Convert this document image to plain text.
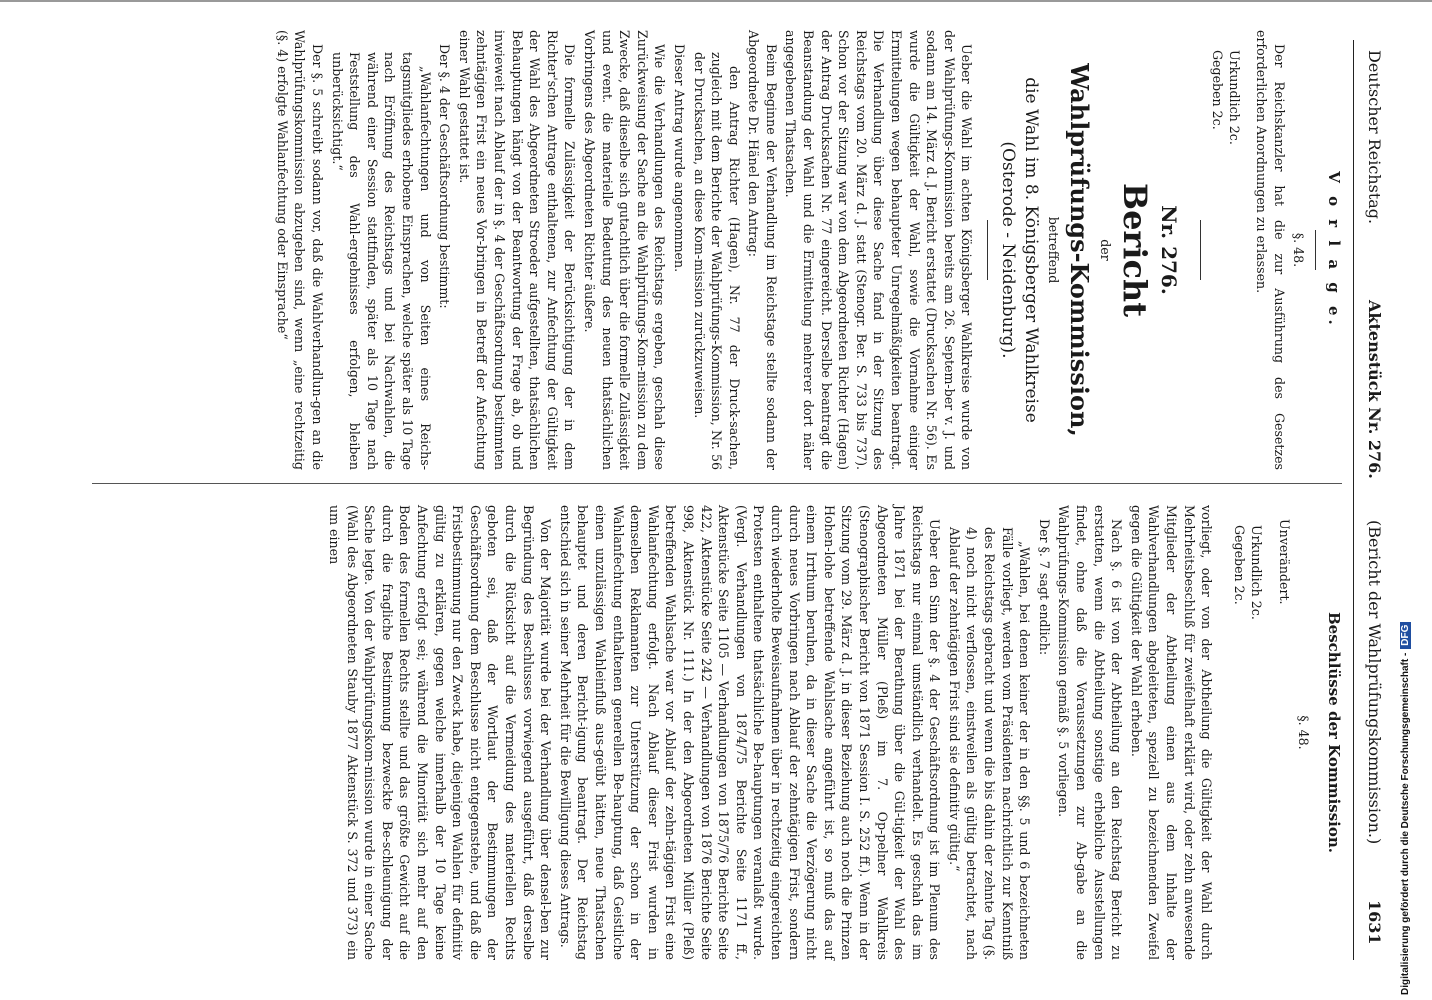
Deutscher Reichstag.
Aktenstück Nr. 276.
(Bericht der Wahlprüfungskommission.)
1631

V o r l a g e.

§. 48.

Der Reichskanzler hat die zur Ausführung des Gesetzes erforderlichen Anordnungen zu erlassen.

Urkundlich 2c.
Gegeben 2c.

Nr. 276.

Bericht

der

Wahlprüfungs-Kommission,

betreffend

die Wahl im 8. Königsberger Wahlkreise (Osterode - Neidenburg).

Ueber die Wahl im achten Königsberger Wahlkreise wurde von der Wahlprüfungs-Kommission bereits am 26. Septem-ber v. J. und sodann am 14. März d. J. Bericht erstattet (Drucksachen Nr. 56). Es wurde die Gültigkeit der Wahl, sowie die Vornahme einiger Ermittelungen wegen behaupteter Unregelmäßigkeiten beantragt. Die Verhandlung über diese Sache fand in der Sitzung des Reichstags vom 20. März d. J. statt (Stenogr. Ber. S. 733 bis 737). Schon vor der Sitzung war von dem Abgeordneten Richter (Hagen) der Antrag Drucksachen Nr. 77 eingereicht. Derselbe beantragt die Beanstandung der Wahl und die Ermittelung mehrerer dort näher angegebenen Thatsachen.

Beim Beginne der Verhandlung im Reichstage stellte sodann der Abgeordnete Dr. Hänel den Antrag:

den Antrag Richter (Hagen), Nr. 77 der Druck-sachen, zugleich mit dem Berichte der Wahlprüfungs-Kommission, Nr. 56 der Drucksachen, an diese Kom-mission zurückzuweisen.

Dieser Antrag wurde angenommen.

Wie die Verhandlungen des Reichstags ergeben, geschah diese Zurückweisung der Sache an die Wahlprüfungs-Kom-mission zu dem Zwecke, daß dieselbe sich gutachtlich über die formelle Zulässigkeit und event. die materielle Bedeutung des neuen thatsächlichen Vorbringens des Abgeordneten Richter äußere.

Die formelle Zulässigkeit der Berücksichtigung der in dem Richter'schen Antrage enthaltenen, zur Anfechtung der Gültigkeit der Wahl des Abgeordneten Stroeder aufgestellten, thatsächlichen Behauptungen hängt von der Beantwortung der Frage ab, ob und inwieweit nach Ablauf der in §. 4 der Geschäftsordnung bestimmten zehntägigen Frist ein neues Vor-bringen in Betreff der Anfechtung einer Wahl gestattet ist.

Der §. 4 der Geschäftsordnung bestimmt:

„Wahlanfechtungen und von Seiten eines Reichs-tagsmitgliedes erhobene Einsprachen, welche später als 10 Tage nach Eröffnung des Reichstags und bei Nachwahlen, die während einer Session stattfinden, später als 10 Tage nach Feststellung des Wahl-ergebnisses erfolgen, bleiben unberücksichtigt.“

Der §. 5 schreibt sodann vor, daß die Wahlverhandlun-gen an die Wahlprüfungskommission abzugeben sind, wenn „eine rechtzeitig (§. 4) erfolgte Wahlanfechtung oder Einsprache“

Beschlüsse der Kommission.

§. 48.

Unverändert.

Urkundlich 2c.
Gegeben 2c.

vorliegt, oder von der Abtheilung die Gültigkeit der Wahl durch Mehrheitsbeschluß für zweifelhaft erklärt wird, oder zehn anwesende Mitglieder der Abtheilung einen aus dem Inhalte der Wahlverhandlungen abgeleiteten, speziell zu bezeichnenden Zweifel gegen die Gültigkeit der Wahl erheben.

Nach §. 6 ist von der Abtheilung an den Reichstag Bericht zu erstatten, wenn die Abtheilung sonstige erhebliche Ausstellungen findet, ohne daß die Voraussetzungen zur Ab-gabe an die Wahlprüfungs-Kommission gemäß §. 5 vorliegen.

Der §. 7 sagt endlich:

„Wahlen, bei denen keiner der in den §§. 5 und 6 bezeichneten Fälle vorliegt, werden vom Präsidenten nachrichtlich zur Kenntniß des Reichstags gebracht und wenn die bis dahin der zehnte Tag (§. 4) noch nicht verflossen, einstweilen als gültig betrachtet, nach Ablauf der zehntägigen Frist sind sie definitiv gültig.“

Ueber den Sinn der §. 4 der Geschäftsordnung ist im Plenum des Reichstags nur einmal umständlich verhandelt. Es geschah das im Jahre 1871 bei der Berathung über die Gül-tigkeit der Wahl des Abgeordneten Müller (Pleß) im 7. Op-pelner Wahlkreis (Stenographischer Bericht von 1871 Session I. S. 252 ff.). Wenn in der Sitzung vom 29. März d. J. in dieser Beziehung auch noch die Prinzen Hohen-lohe betreffende Wahlsache angeführt ist, so muß das auf einem Irrthum beruhen, da in dieser Sache die Verzögerung nicht durch neues Vorbringen nach Ablauf der zehntägigen Frist, sondern durch wiederholte Beweisaufnahmen über in rechtzeitig eingereichten Protesten enthaltene thatsächliche Be-hauptungen veranlaßt wurde. (Vergl. Verhandlungen von 1874/75 Berichte Seite 1171 ff., Aktenstücke Seite 1105 — Verhandlungen von 1875/76 Berichte Seite 422, Aktenstücke Seite 242 — Verhandlungen von 1876 Berichte Seite 998, Aktenstück Nr. 111.) In der den Abgeordneten Müller (Pleß) betreffenden Wahlsache war vor Ablauf der zehn-tägigen Frist eine Wahlanfechtung erfolgt. Nach Ablauf dieser Frist wurden in demselben Reklamanten zur Unterstützung der schon in der Wahlanfechtung enthaltenen generellen Be-hauptung, daß Geistliche einen unzulässigen Wahleinfluß aus-geübt hätten, neue Thatsachen behauptet und deren Bericht-igung beantragt. Der Reichstag entschied sich in seiner Mehrheit für die Bewilligung dieses Antrags.

Von der Majorität wurde bei der Verhandlung über densel-ben zur Begründung des Beschlusses vorwiegend ausgeführt, daß derselbe durch die Rücksicht auf die Vermeidung des materiellen Rechts geboten sei, daß der Wortlaut der Bestimmungen der Geschäftsordnung dem Beschlusse nicht entgegenstehe, und daß die Fristbestimmung nur den Zweck habe, diejenigen Wahlen für definitiv gültig zu erklären, gegen welche innerhalb der 10 Tage keine Anfechtung erfolgt sei; während die Minorität sich mehr auf den Boden des formellen Rechts stellte und das größte Gewicht auf die durch die fragliche Bestimmung bezweckte Be-schleunigung der Sache legte. Von der Wahlprüfungskom-mission wurde in einer Sache (Wahl des Abgeordneten Stauby 1877 Aktenstück S. 372 und 373) ein um einen

Digitalisierung gefördert durch die Deutsche Forschungsgemeinschaft -DFG
